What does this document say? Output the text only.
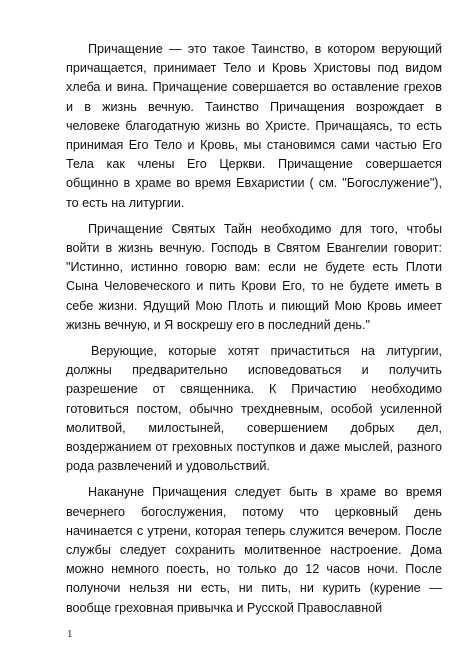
Причащение — это такое Таинство, в котором верующий причащается, принимает Тело и Кровь Христовы под видом хлеба и вина. Причащение совершается во оставление грехов и в жизнь вечную. Таинство Причащения возрождает в человеке благодатную жизнь во Христе. Причащаясь, то есть принимая Его Тело и Кровь, мы становимся сами частью Его Тела как члены Его Церкви. Причащение совершается общинно в храме во время Евхаристии ( см. "Богослужение"), то есть на литургии.

Причащение Святых Тайн необходимо для того, чтобы войти в жизнь вечную. Господь в Святом Евангелии говорит: "Истинно, истинно говорю вам: если не будете есть Плоти Сына Человеческого и пить Крови Его, то не будете иметь в себе жизни. Ядущий Мою Плоть и пиющий Мою Кровь имеет жизнь вечную, и Я воскрешу его в последний день."

Верующие, которые хотят причаститься на литургии, должны предварительно исповедоваться и получить разрешение от священника. К Причастию необходимо готовиться постом, обычно трехдневным, особой усиленной молитвой, милостыней, совершением добрых дел, воздержанием от греховных поступков и даже мыслей, разного рода развлечений и удовольствий.

Накануне Причащения следует быть в храме во время вечернего богослужения, потому что церковный день начинается с утрени, которая теперь служится вечером. После службы следует сохранить молитвенное настроение. Дома можно немного поесть, но только до 12 часов ночи. После полуночи нельзя ни есть, ни пить, ни курить (курение — вообще греховная привычка и Русской Православной

1
